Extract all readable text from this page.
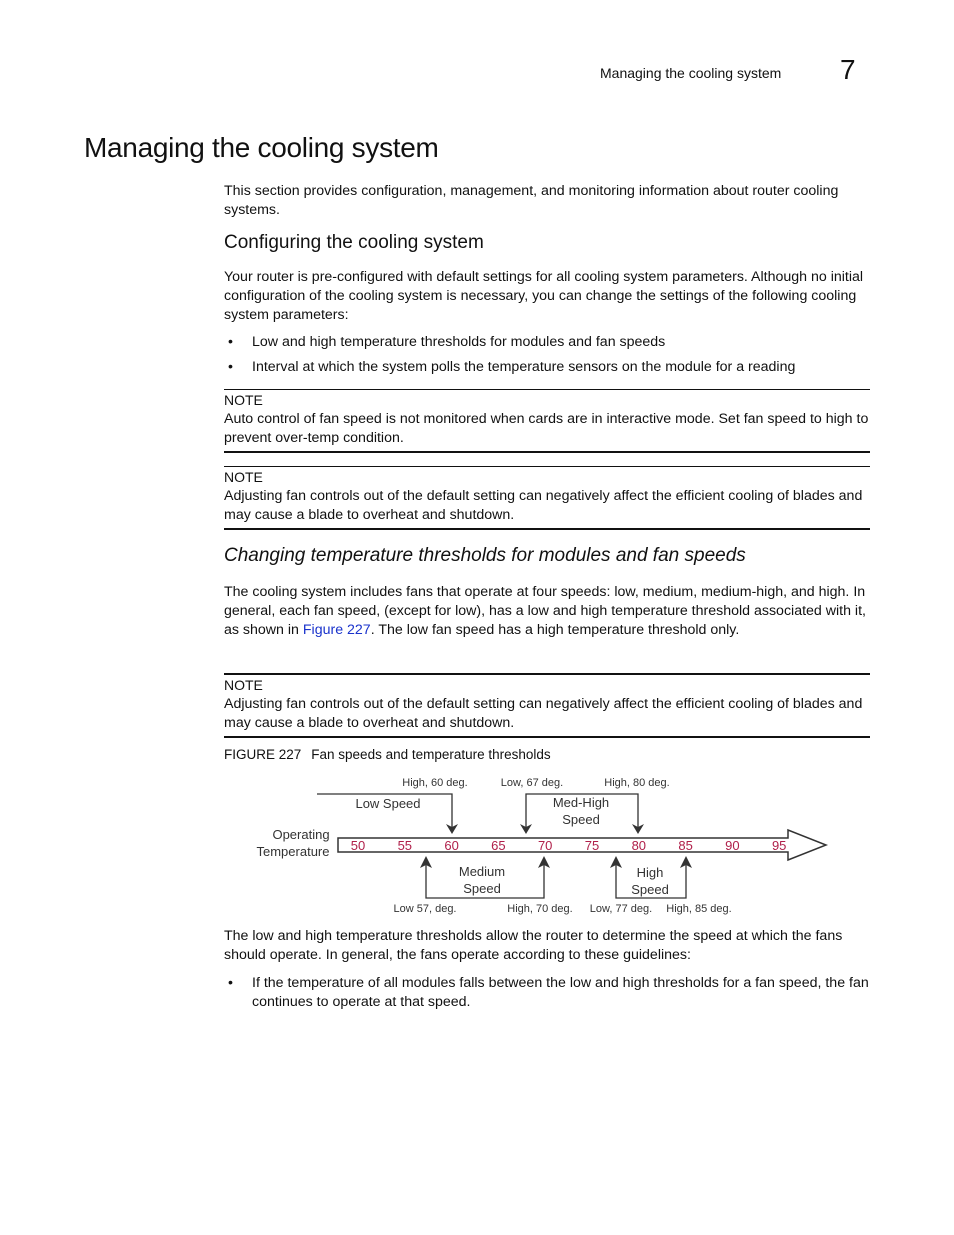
Managing the cooling system 7
Managing the cooling system
This section provides configuration, management, and monitoring information about router cooling systems.
Configuring the cooling system
Your router is pre-configured with default settings for all cooling system parameters. Although no initial configuration of the cooling system is necessary, you can change the settings of the following cooling system parameters:
• Low and high temperature thresholds for modules and fan speeds
• Interval at which the system polls the temperature sensors on the module for a reading
NOTE
Auto control of fan speed is not monitored when cards are in interactive mode. Set fan speed to high to prevent over-temp condition.
NOTE
Adjusting fan controls out of the default setting can negatively affect the efficient cooling of blades and may cause a blade to overheat and shutdown.
Changing temperature thresholds for modules and fan speeds
The cooling system includes fans that operate at four speeds: low, medium, medium-high, and high. In general, each fan speed, (except for low), has a low and high temperature threshold associated with it, as shown in Figure 227. The low fan speed has a high temperature threshold only.
NOTE
Adjusting fan controls out of the default setting can negatively affect the efficient cooling of blades and may cause a blade to overheat and shutdown.
FIGURE 227 Fan speeds and temperature thresholds
High, 60 deg.	Low, 67 deg.	High, 80 deg.
Low Speed	Med-High
Speed
Operating
Temperature 50 55 60 65 70 75 80 85 90 95
Medium
Speed
High
Speed
Low 57, deg.	High, 70 deg. Low, 77 deg. High, 85 deg.
The low and high temperature thresholds allow the router to determine the speed at which the fans should operate. In general, the fans operate according to these guidelines:
• If the temperature of all modules falls between the low and high thresholds for a fan speed, the fan continues to operate at that speed.
